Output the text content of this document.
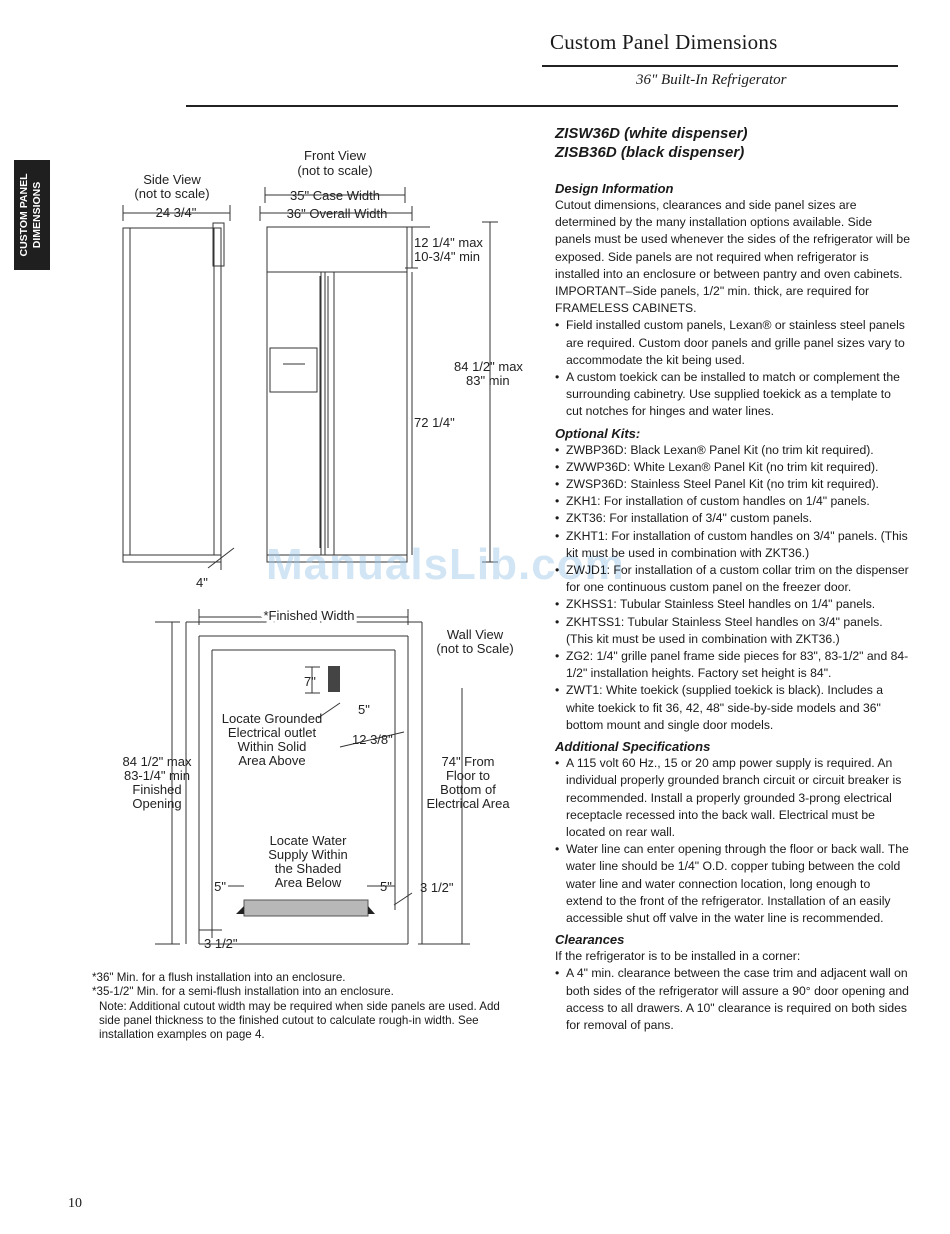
Custom Panel Dimensions
36" Built-In Refrigerator
CUSTOM PANEL DIMENSIONS
Side View
(not to scale)
24 3/4"
4"
Front View
(not to scale)
35" Case Width
36" Overall Width
12 1/4" max
10-3/4" min
84 1/2" max
83" min
72 1/4"
*Finished Width
Wall View
(not to Scale)
7"
5"
Locate Grounded
Electrical outlet
Within Solid
Area Above
12 3/8"
84 1/2" max
83-1/4" min
Finished
Opening
74" From
Floor to
Bottom of
Electrical Area
Locate Water
Supply Within
the Shaded
Area Below
5"	5" 3 1/2"
3 1/2"
ManualsLib.com
ZISW36D (white dispenser)
ZISB36D (black dispenser)
Design Information

Cutout dimensions, clearances and side panel sizes are determined by the many installation options available. Side panels must be used whenever the sides of the refrigerator will be exposed. Side panels are not required when refrigerator is installed into an enclosure or between pantry and oven cabinets. IMPORTANT–Side panels, 1/2" min. thick, are required for FRAMELESS CABINETS.

• Field installed custom panels, Lexan® or stainless steel panels are required. Custom door panels and grille panel sizes vary to accommodate the kit being used.
• A custom toekick can be installed to match or complement the surrounding cabinetry. Use supplied toekick as a template to cut notches for hinges and water lines.
Optional Kits:
• ZWBP36D: Black Lexan® Panel Kit (no trim kit required).
• ZWWP36D: White Lexan® Panel Kit (no trim kit required).
• ZWSP36D: Stainless Steel Panel Kit (no trim kit required).
• ZKH1: For installation of custom handles on 1/4" panels.
• ZKT36: For installation of 3/4" custom panels.
• ZKHT1: For installation of custom handles on 3/4" panels. (This kit must be used in combination with ZKT36.)
• ZWJD1: For installation of a custom collar trim on the dispenser for one continuous custom panel on the freezer door.
• ZKHSS1: Tubular Stainless Steel handles on 1/4" panels.
• ZKHTSS1: Tubular Stainless Steel handles on 3/4" panels. (This kit must be used in combination with ZKT36.)
• ZG2: 1/4" grille panel frame side pieces for 83", 83-1/2" and 84-1/2" installation heights. Factory set height is 84".
• ZWT1: White toekick (supplied toekick is black). Includes a white toekick to fit 36, 42, 48" side-by-side models and 36" bottom mount and single door models.
Additional Specifications
• A 115 volt 60 Hz., 15 or 20 amp power supply is required. An individual properly grounded branch circuit or circuit breaker is recommended. Install a properly grounded 3-prong electrical receptacle recessed into the back wall. Electrical must be located on rear wall.
• Water line can enter opening through the floor or back wall. The water line should be 1/4" O.D. copper tubing between the cold water line and water connection location, long enough to extend to the front of the refrigerator. Installation of an easily accessible shut off valve in the water line is recommended.
Clearances

If the refrigerator is to be installed in a corner:

• A 4" min. clearance between the case trim and adjacent wall on both sides of the refrigerator will assure a 90° door opening and access to all drawers. A 10" clearance is required on both sides for removal of pans.
*36" Min. for a flush installation into an enclosure.
*35-1/2" Min. for a semi-flush installation into an enclosure.
Note: Additional cutout width may be required when side panels are used. Add side panel thickness to the finished cutout to calculate rough-in width. See installation examples on page 4.
10
